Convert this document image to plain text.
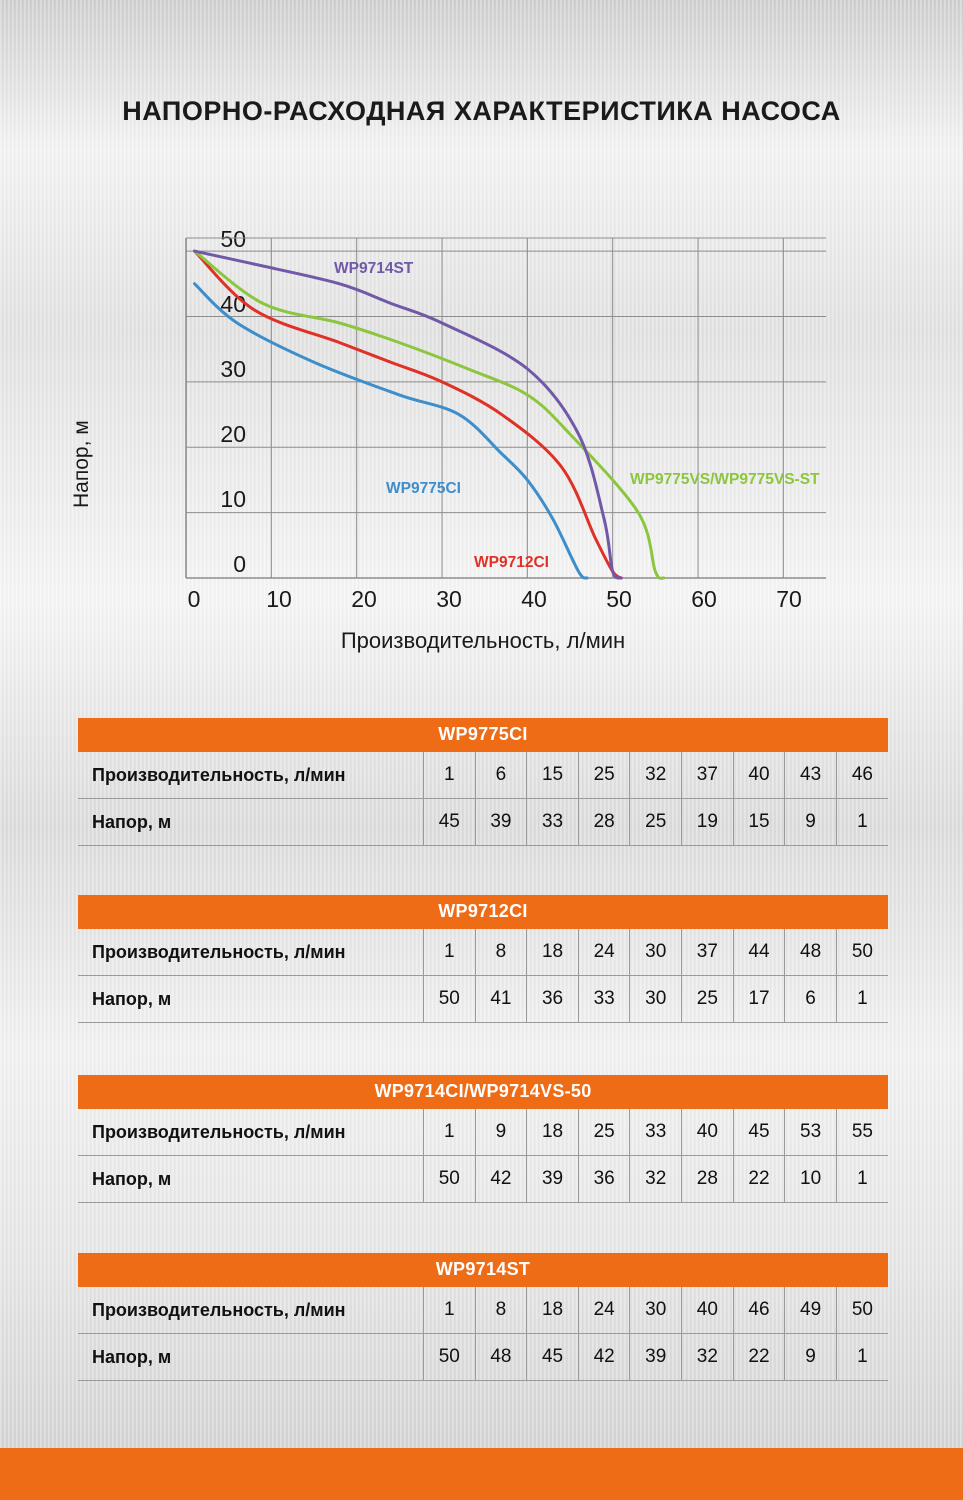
НАПОРНО-РАСХОДНАЯ ХАРАКТЕРИСТИКА НАСОСА
Напор, м
Производительность, л/мин
50
40
30
20
10
0
0	10	20	30	40	50	60	70
WP9714ST
WP9775CI
WP9775VS/WP9775VS-ST
WP9712CI
WP9775CI
Производительность, л/мин	1	6	15	25	32	37	40	43	46
Напор, м	45	39	33	28	25	19	15	9	1
WP9712CI
Производительность, л/мин	1	8	18	24	30	37	44	48	50
Напор, м	50	41	36	33	30	25	17	6	1
WP9714CI/WP9714VS-50
Производительность, л/мин	1	9	18	25	33	40	45	53	55
Напор, м	50	42	39	36	32	28	22	10	1
WP9714ST
Производительность, л/мин	1	8	18	24	30	40	46	49	50
Напор, м	50	48	45	42	39	32	22	9	1
